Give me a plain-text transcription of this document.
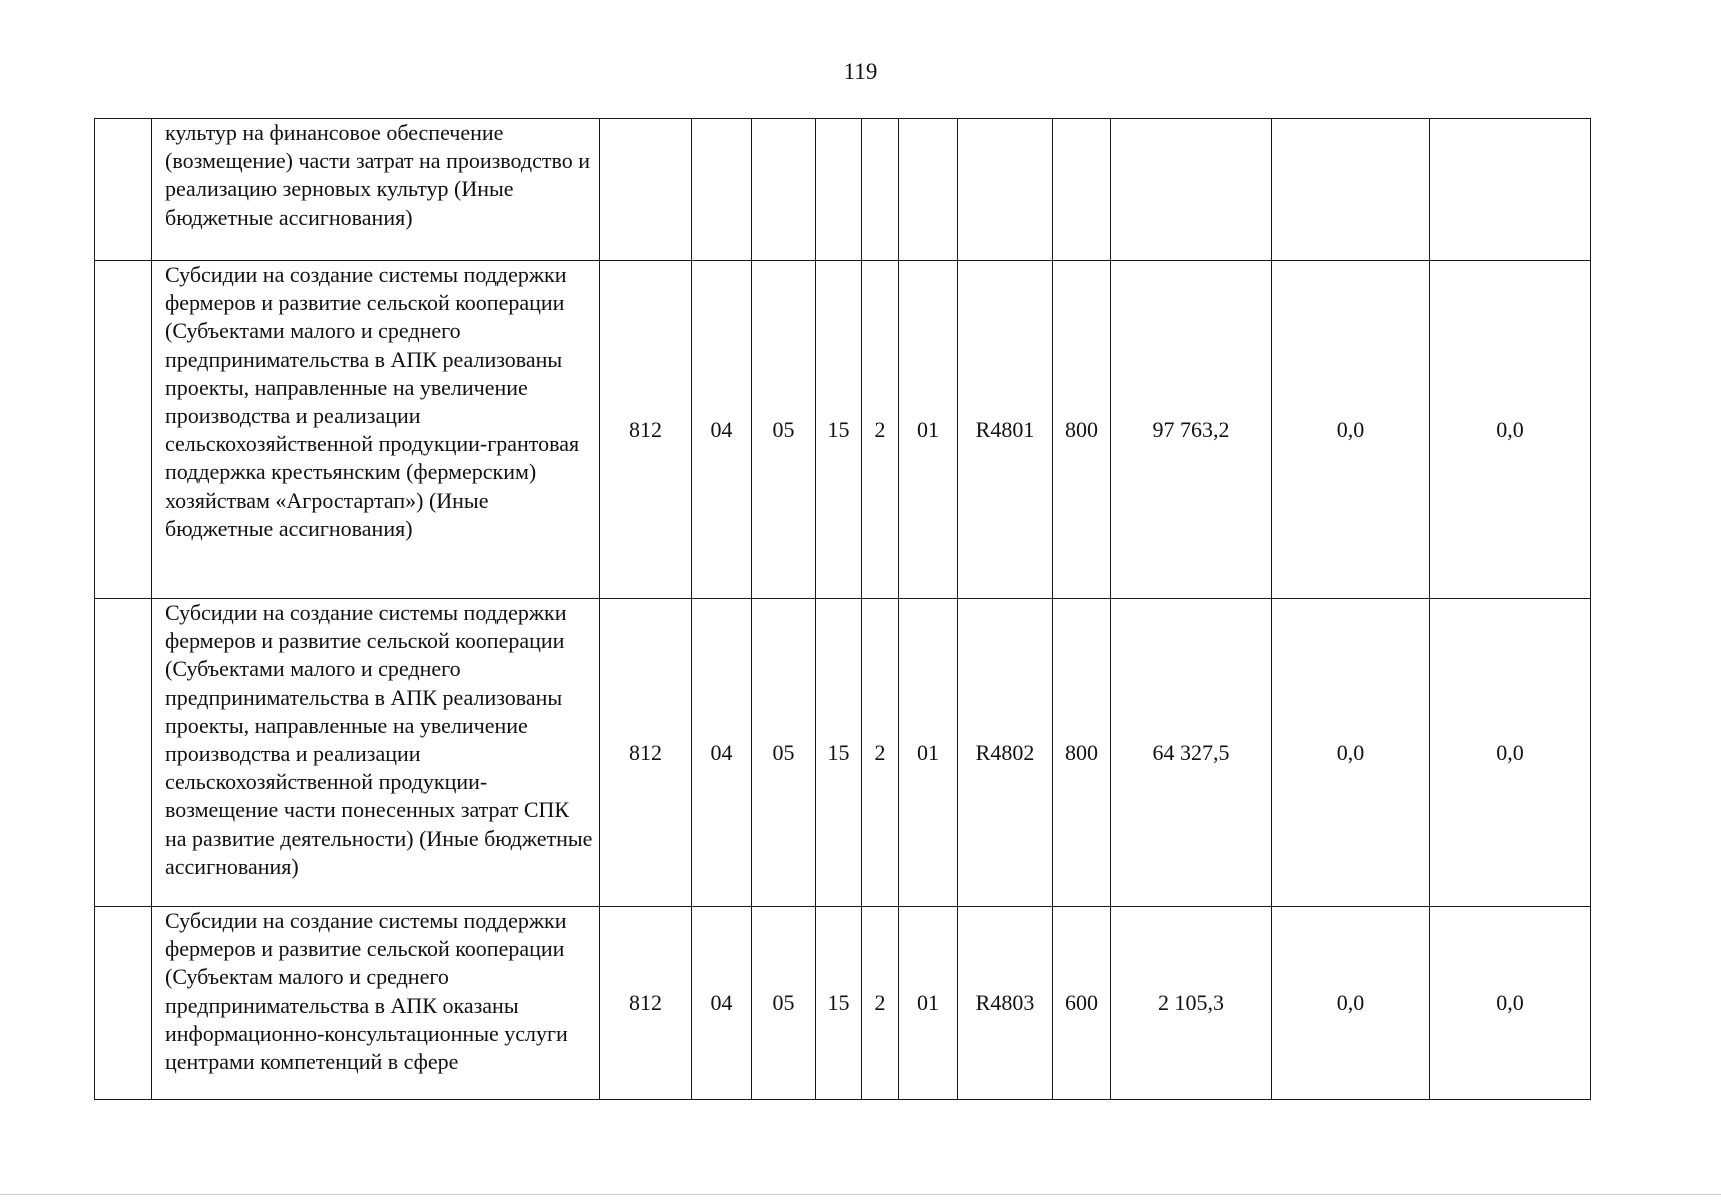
119
	культур на финансовое обеспечение (возмещение) части затрат на производство и реализацию зерновых культур (Иные бюджетные ассигнования)											
	Субсидии на создание системы поддержки фермеров и развитие сельской кооперации (Субъектами малого и среднего предпринимательства в АПК реализованы проекты, направленные на увеличение производства и реализации сельскохозяйственной продукции-грантовая поддержка крестьянским (фермерским) хозяйствам «Агростартап») (Иные бюджетные ассигнования)	812	04	05	15	2	01	R4801	800	97 763,2	0,0	0,0
	Субсидии на создание системы поддержки фермеров и развитие сельской кооперации (Субъектами малого и среднего предпринимательства в АПК реализованы проекты, направленные на увеличение производства и реализации сельскохозяйственной продукции-возмещение части понесенных затрат СПК на развитие деятельности) (Иные бюджетные ассигнования)	812	04	05	15	2	01	R4802	800	64 327,5	0,0	0,0
	Субсидии на создание системы поддержки фермеров и развитие сельской кооперации (Субъектам малого и среднего предпринимательства в АПК оказаны информационно-консультационные услуги центрами компетенций в сфере	812	04	05	15	2	01	R4803	600	2 105,3	0,0	0,0
